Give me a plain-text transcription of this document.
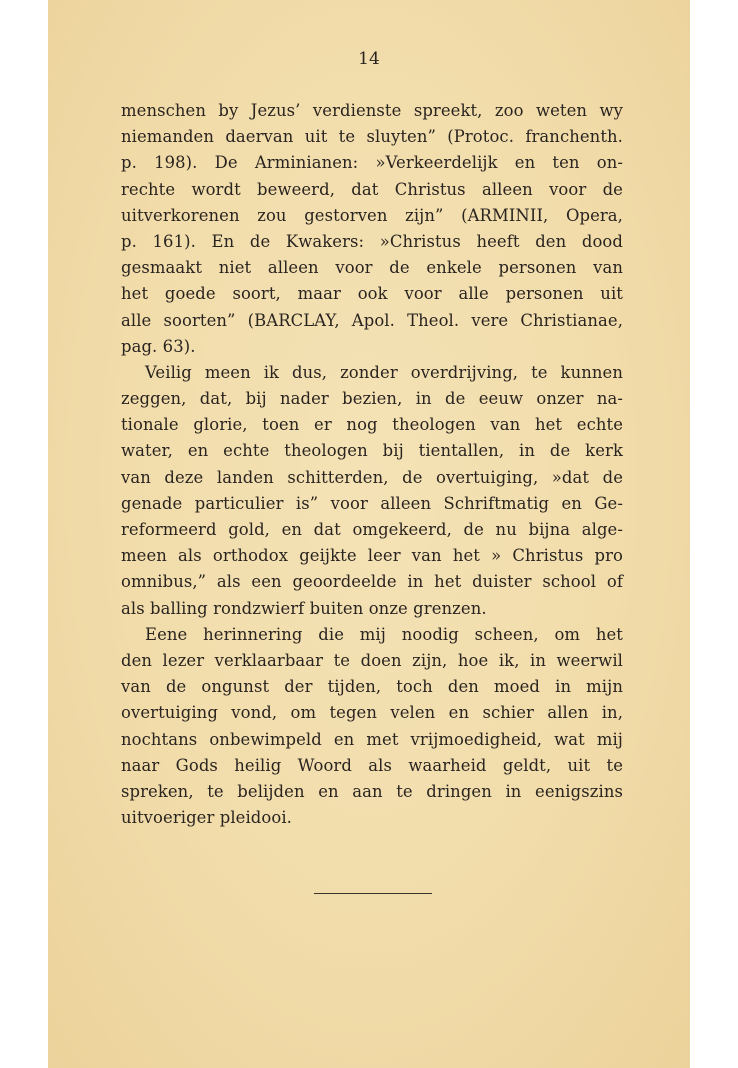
14
menschen by Jezus’ verdienste spreekt, zoo weten wy
niemanden daervan uit te sluyten” (Protoc. franchenth.
p. 198). De Arminianen: »Verkeerdelijk en ten on-
rechte wordt beweerd, dat Christus alleen voor de
uitverkorenen zou gestorven zijn” (ARMINII, Opera,
p. 161). En de Kwakers: »Christus heeft den dood
gesmaakt niet alleen voor de enkele personen van
het goede soort, maar ook voor alle personen uit
alle soorten” (BARCLAY, Apol. Theol. vere Christianae,
pag. 63).
Veilig meen ik dus, zonder overdrijving, te kunnen
zeggen, dat, bij nader bezien, in de eeuw onzer na-
tionale glorie, toen er nog theologen van het echte
water, en echte theologen bij tientallen, in de kerk
van deze landen schitterden, de overtuiging, »dat de
genade particulier is” voor alleen Schriftmatig en Ge-
reformeerd gold, en dat omgekeerd, de nu bijna alge-
meen als orthodox geijkte leer van het » Christus pro
omnibus,” als een geoordeelde in het duister school of
als balling rondzwierf buiten onze grenzen.
Eene herinnering die mij noodig scheen, om het
den lezer verklaarbaar te doen zijn, hoe ik, in weerwil
van de ongunst der tijden, toch den moed in mijn
overtuiging vond, om tegen velen en schier allen in,
nochtans onbewimpeld en met vrijmoedigheid, wat mij
naar Gods heilig Woord als waarheid geldt, uit te
spreken, te belijden en aan te dringen in eenigszins
uitvoeriger pleidooi.
